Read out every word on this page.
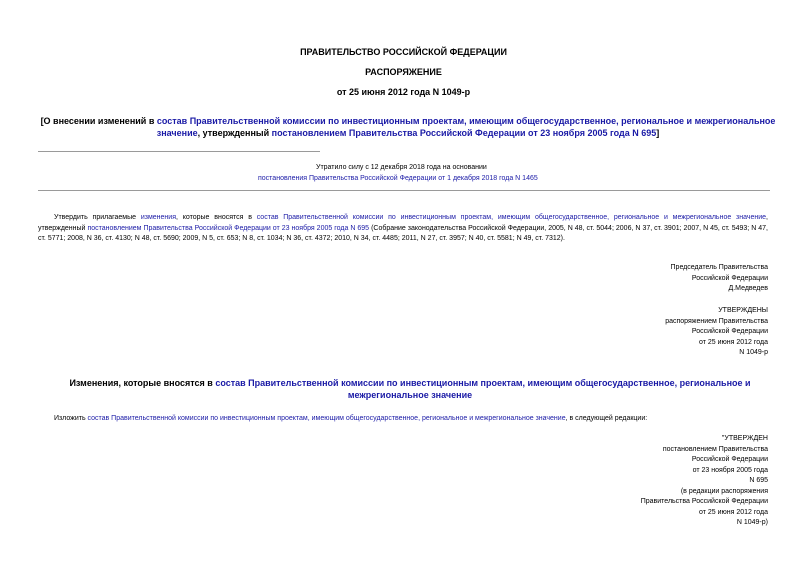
ПРАВИТЕЛЬСТВО РОССИЙСКОЙ ФЕДЕРАЦИИ
РАСПОРЯЖЕНИЕ
от 25 июня 2012 года N 1049-р
[О внесении изменений в состав Правительственной комиссии по инвестиционным проектам, имеющим общегосударственное, региональное и межрегиональное значение, утвержденный постановлением Правительства Российской Федерации от 23 ноября 2005 года N 695]
Утратило силу с 12 декабря 2018 года на основании
постановления Правительства Российской Федерации от 1 декабря 2018 года N 1465
Утвердить прилагаемые изменения, которые вносятся в состав Правительственной комиссии по инвестиционным проектам, имеющим общегосударственное, региональное и межрегиональное значение, утвержденный постановлением Правительства Российской Федерации от 23 ноября 2005 года N 695 (Собрание законодательства Российской Федерации, 2005, N 48, ст. 5044; 2006, N 37, ст. 3901; 2007, N 45, ст. 5493; N 47, ст. 5771; 2008, N 36, ст. 4130; N 48, ст. 5690; 2009, N 5, ст. 653; N 8, ст. 1034; N 36, ст. 4372; 2010, N 34, ст. 4485; 2011, N 27, ст. 3957; N 40, ст. 5581; N 49, ст. 7312).
Председатель Правительства
Российской Федерации
Д.Медведев
УТВЕРЖДЕНЫ
распоряжением Правительства
Российской Федерации
от 25 июня 2012 года
N 1049-р
Изменения, которые вносятся в состав Правительственной комиссии по инвестиционным проектам, имеющим общегосударственное, региональное и межрегиональное значение
Изложить состав Правительственной комиссии по инвестиционным проектам, имеющим общегосударственное, региональное и межрегиональное значение, в следующей редакции:
"УТВЕРЖДЕН
постановлением Правительства
Российской Федерации
от 23 ноября 2005 года
N 695
(в редакции распоряжения
Правительства Российской Федерации
от 25 июня 2012 года
N 1049-р)
